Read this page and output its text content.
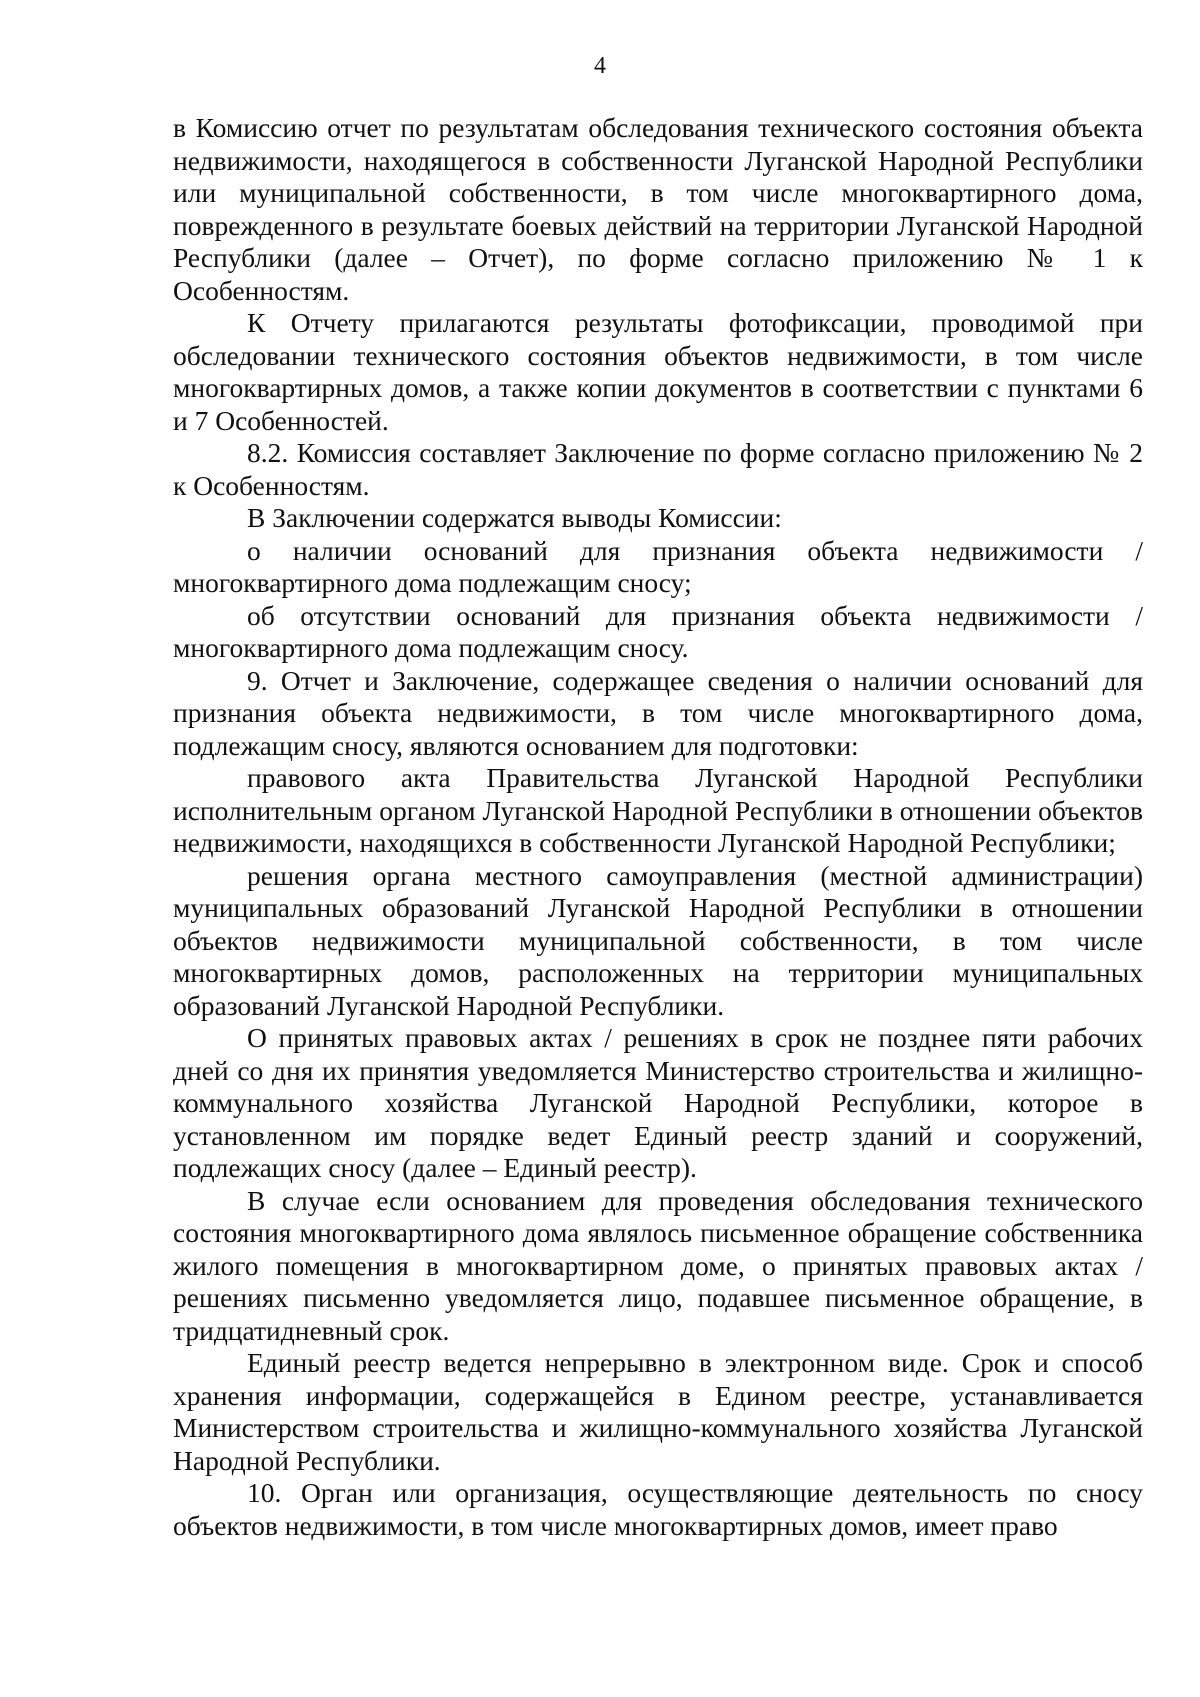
4

в Комиссию отчет по результатам обследования технического состояния объекта недвижимости, находящегося в собственности Луганской Народной Республики или муниципальной собственности, в том числе многоквартирного дома, поврежденного в результате боевых действий на территории Луганской Народной Республики (далее – Отчет), по форме согласно приложению № 1 к Особенностям.

К Отчету прилагаются результаты фотофиксации, проводимой при обследовании технического состояния объектов недвижимости, в том числе многоквартирных домов, а также копии документов в соответствии с пунктами 6 и 7 Особенностей.

8.2. Комиссия составляет Заключение по форме согласно приложению № 2 к Особенностям.

В Заключении содержатся выводы Комиссии:

о наличии оснований для признания объекта недвижимости / многоквартирного дома подлежащим сносу;

об отсутствии оснований для признания объекта недвижимости / многоквартирного дома подлежащим сносу.

9. Отчет и Заключение, содержащее сведения о наличии оснований для признания объекта недвижимости, в том числе многоквартирного дома, подлежащим сносу, являются основанием для подготовки:

правового акта Правительства Луганской Народной Республики исполнительным органом Луганской Народной Республики в отношении объектов недвижимости, находящихся в собственности Луганской Народной Республики;

решения органа местного самоуправления (местной администрации) муниципальных образований Луганской Народной Республики в отношении объектов недвижимости муниципальной собственности, в том числе многоквартирных домов, расположенных на территории муниципальных образований Луганской Народной Республики.

О принятых правовых актах / решениях в срок не позднее пяти рабочих дней со дня их принятия уведомляется Министерство строительства и жилищно-коммунального хозяйства Луганской Народной Республики, которое в установленном им порядке ведет Единый реестр зданий и сооружений, подлежащих сносу (далее – Единый реестр).

В случае если основанием для проведения обследования технического состояния многоквартирного дома являлось письменное обращение собственника жилого помещения в многоквартирном доме, о принятых правовых актах / решениях письменно уведомляется лицо, подавшее письменное обращение, в тридцатидневный срок.

Единый реестр ведется непрерывно в электронном виде. Срок и способ хранения информации, содержащейся в Едином реестре, устанавливается Министерством строительства и жилищно-коммунального хозяйства Луганской Народной Республики.

10. Орган или организация, осуществляющие деятельность по сносу объектов недвижимости, в том числе многоквартирных домов, имеет право
